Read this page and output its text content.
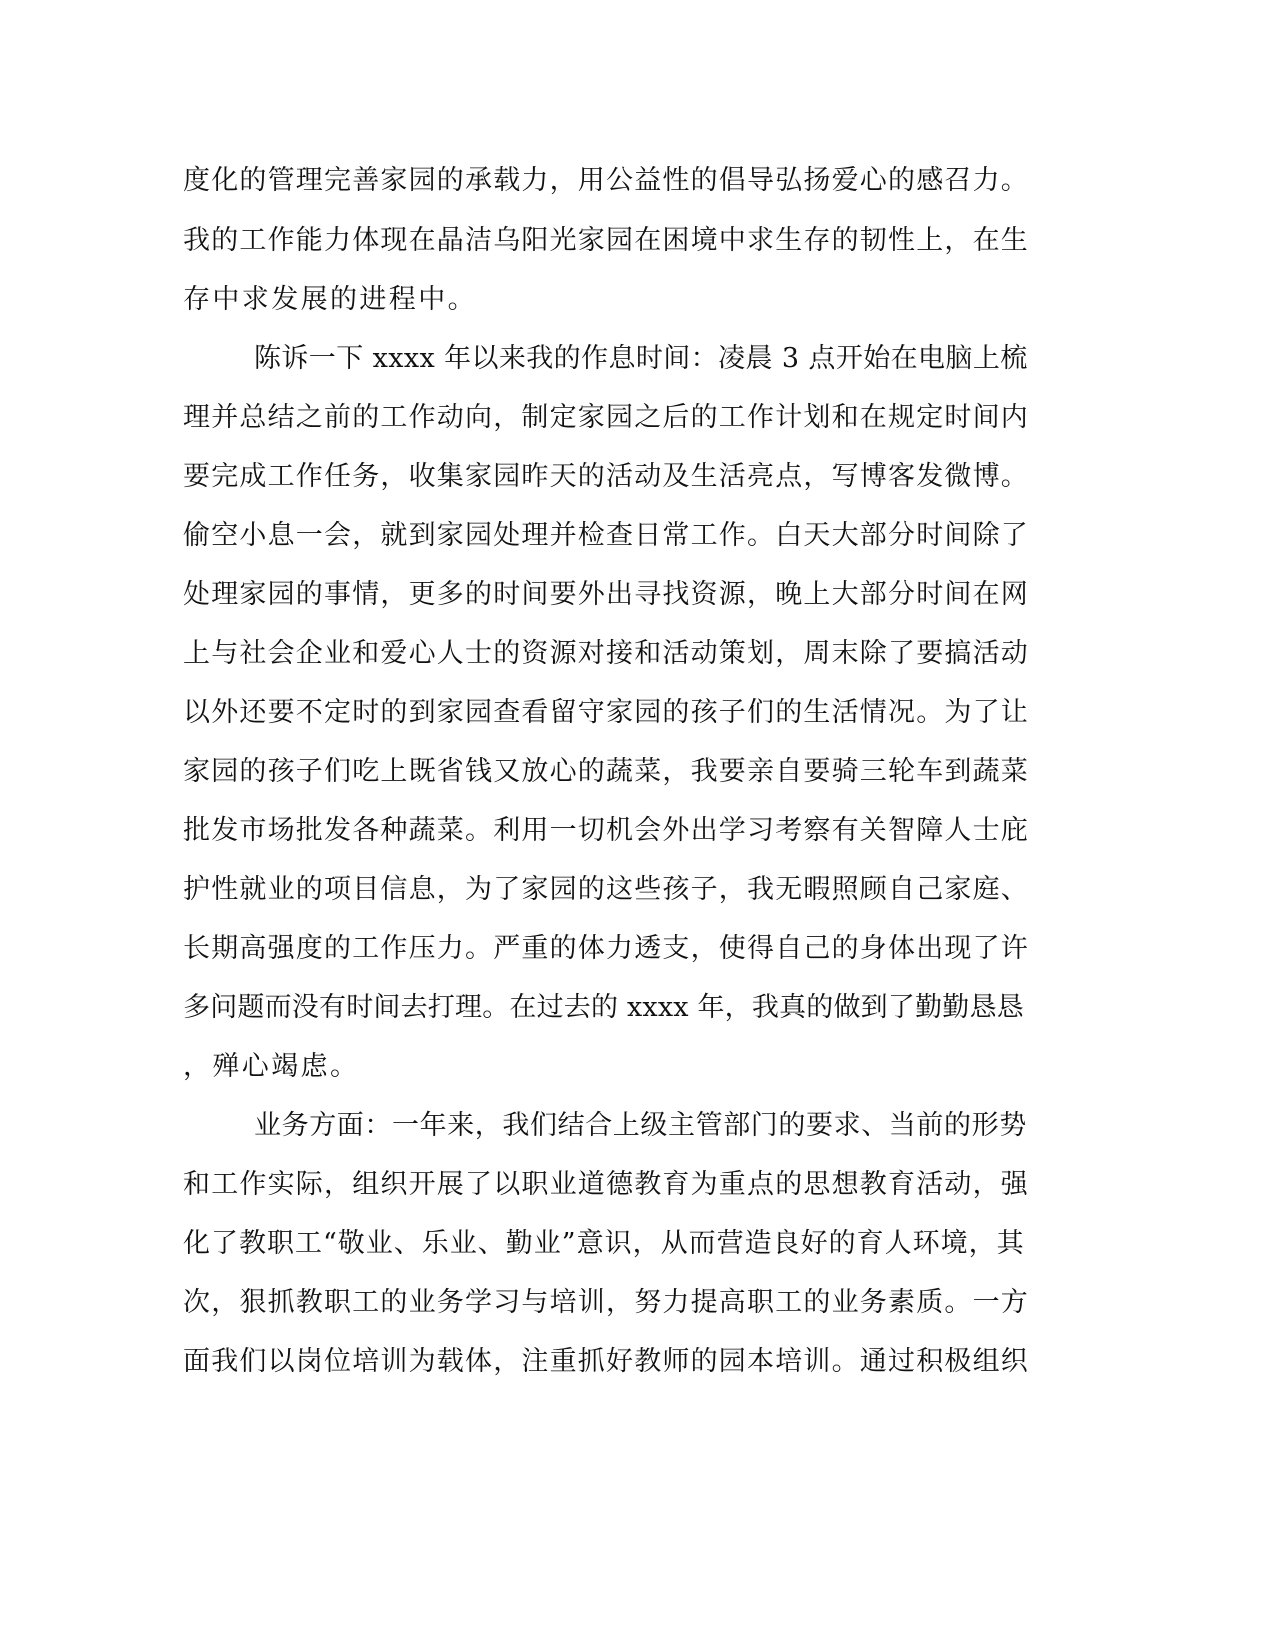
度化的管理完善家园的承载力，用公益性的倡导弘扬爱心的感召力。
我的工作能力体现在晶洁乌阳光家园在困境中求生存的韧性上，在生
存中求发展的进程中。
陈诉一下 xxxx 年以来我的作息时间：凌晨 3 点开始在电脑上梳
理并总结之前的工作动向，制定家园之后的工作计划和在规定时间内
要完成工作任务，收集家园昨天的活动及生活亮点，写博客发微博。
偷空小息一会，就到家园处理并检查日常工作。白天大部分时间除了
处理家园的事情，更多的时间要外出寻找资源，晚上大部分时间在网
上与社会企业和爱心人士的资源对接和活动策划，周末除了要搞活动
以外还要不定时的到家园查看留守家园的孩子们的生活情况。为了让
家园的孩子们吃上既省钱又放心的蔬菜，我要亲自要骑三轮车到蔬菜
批发市场批发各种蔬菜。利用一切机会外出学习考察有关智障人士庇
护性就业的项目信息，为了家园的这些孩子，我无暇照顾自己家庭、
长期高强度的工作压力。严重的体力透支，使得自己的身体出现了许
多问题而没有时间去打理。在过去的 xxxx 年，我真的做到了勤勤恳恳
，殚心竭虑。
业务方面：一年来，我们结合上级主管部门的要求、当前的形势
和工作实际，组织开展了以职业道德教育为重点的思想教育活动，强
化了教职工“敬业、乐业、勤业”意识，从而营造良好的育人环境，其
次，狠抓教职工的业务学习与培训，努力提高职工的业务素质。一方
面我们以岗位培训为载体，注重抓好教师的园本培训。通过积极组织
